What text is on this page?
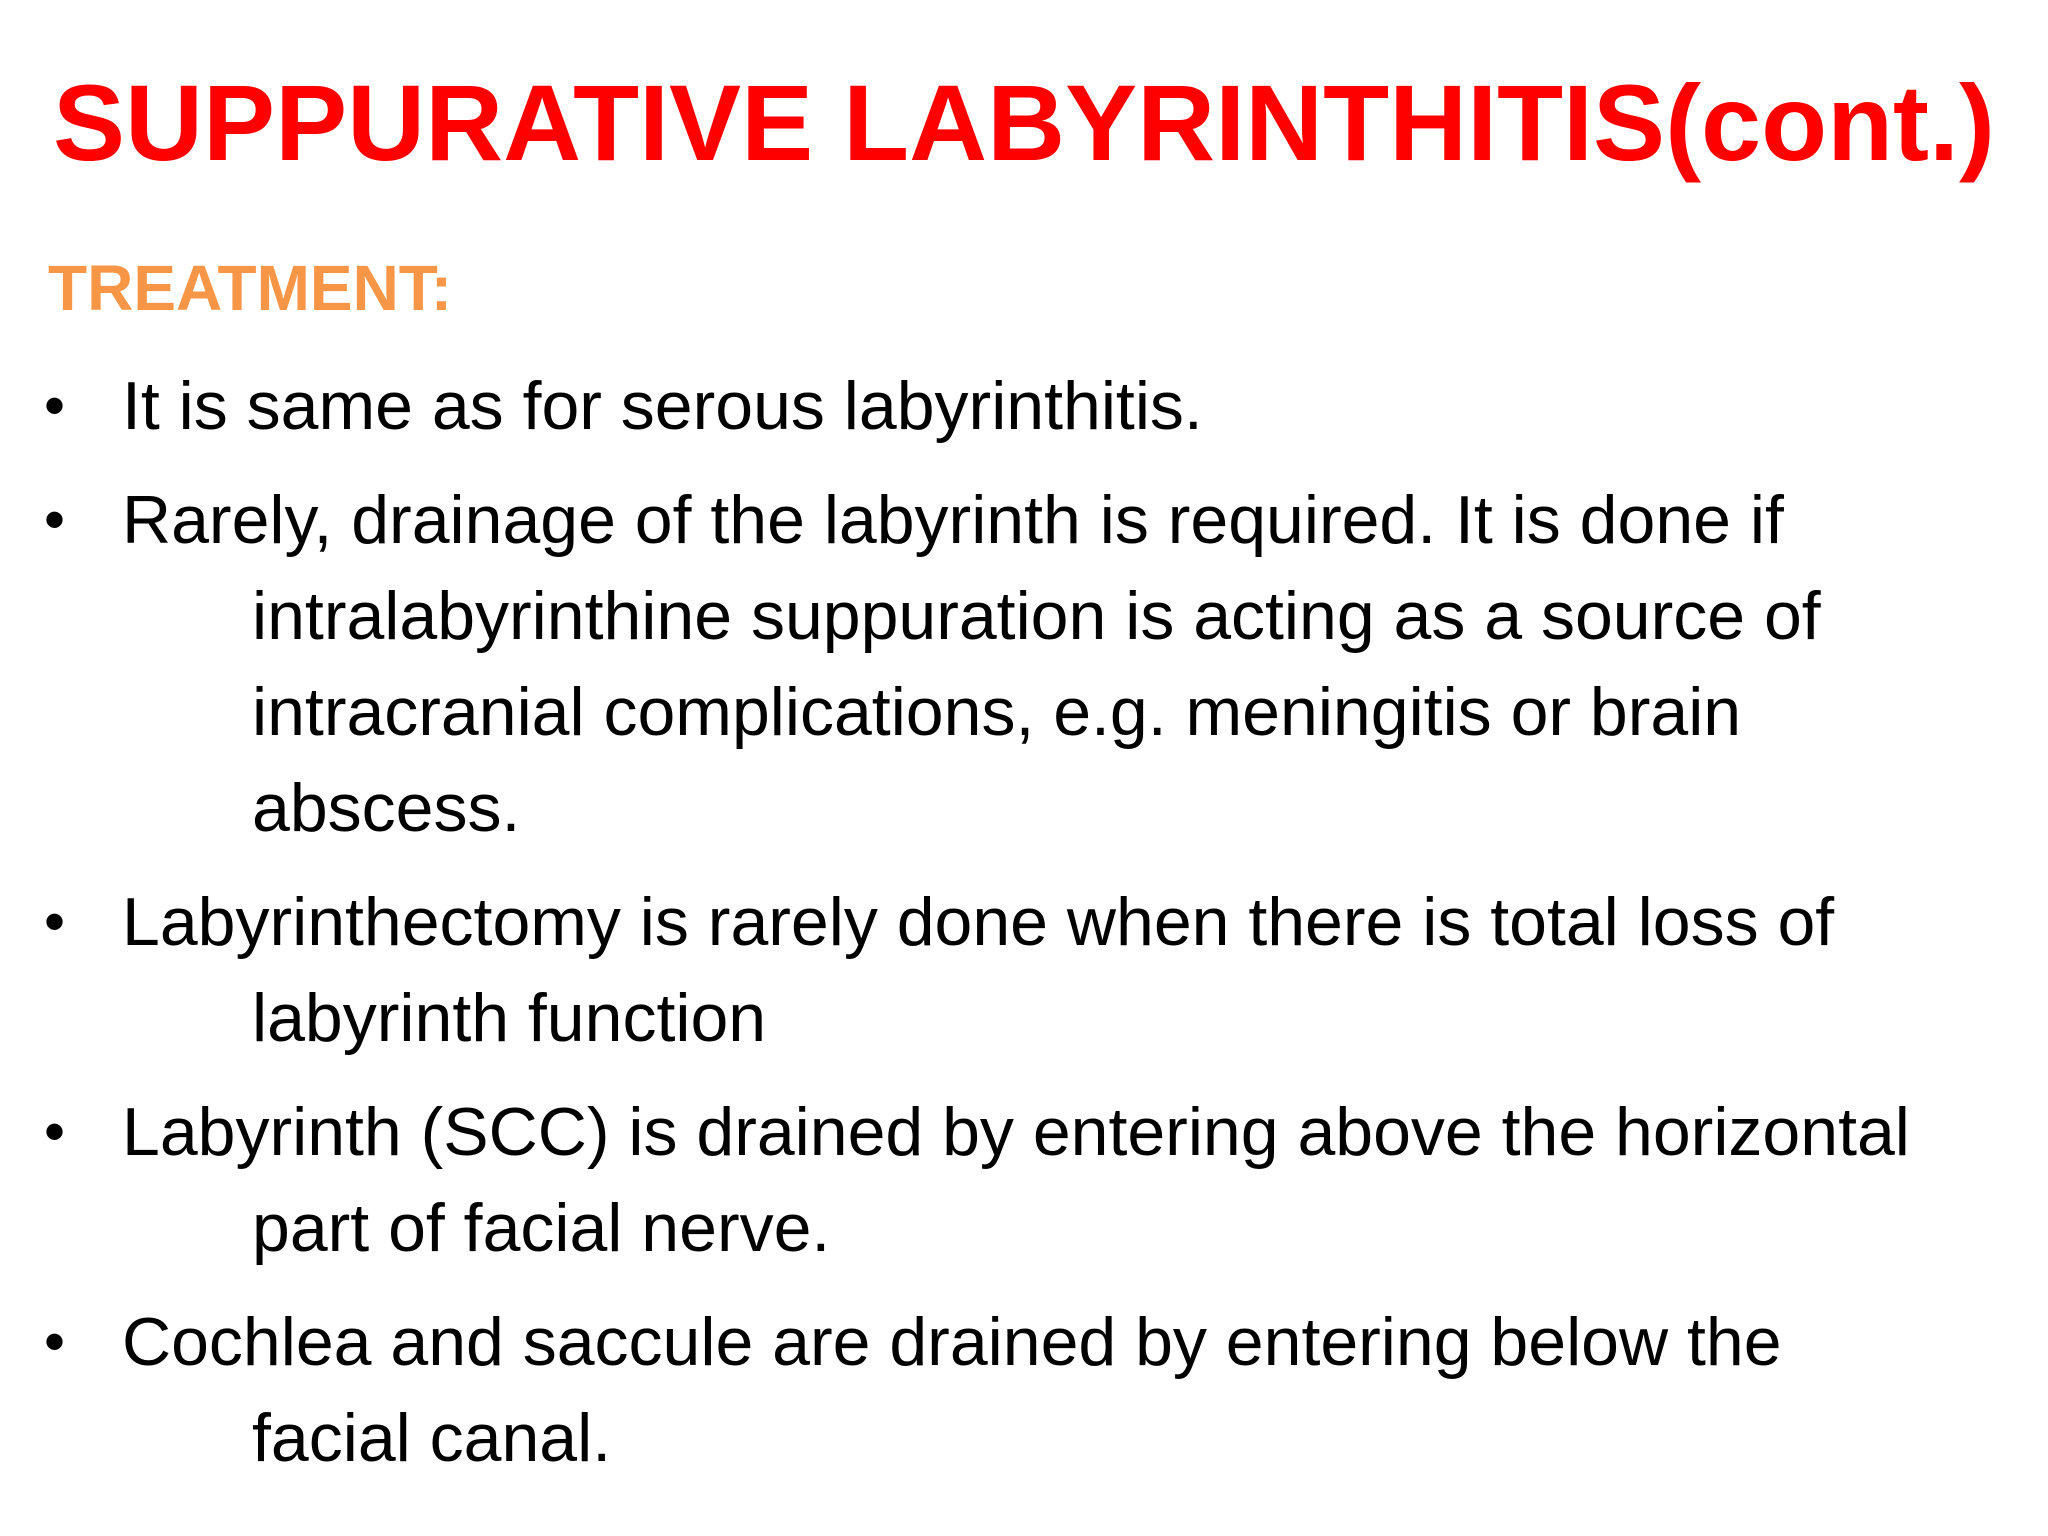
SUPPURATIVE LABYRINTHITIS(cont.)
TREATMENT:
• It is same as for serous labyrinthitis.
• Rarely, drainage of the labyrinth is required. It is done if
intralabyrinthine suppuration is acting as a source of
intracranial complications, e.g. meningitis or brain
abscess.
• Labyrinthectomy is rarely done when there is total loss of
labyrinth function
• Labyrinth (SCC) is drained by entering above the horizontal
part of facial nerve.
• Cochlea and saccule are drained by entering below the
facial canal.
